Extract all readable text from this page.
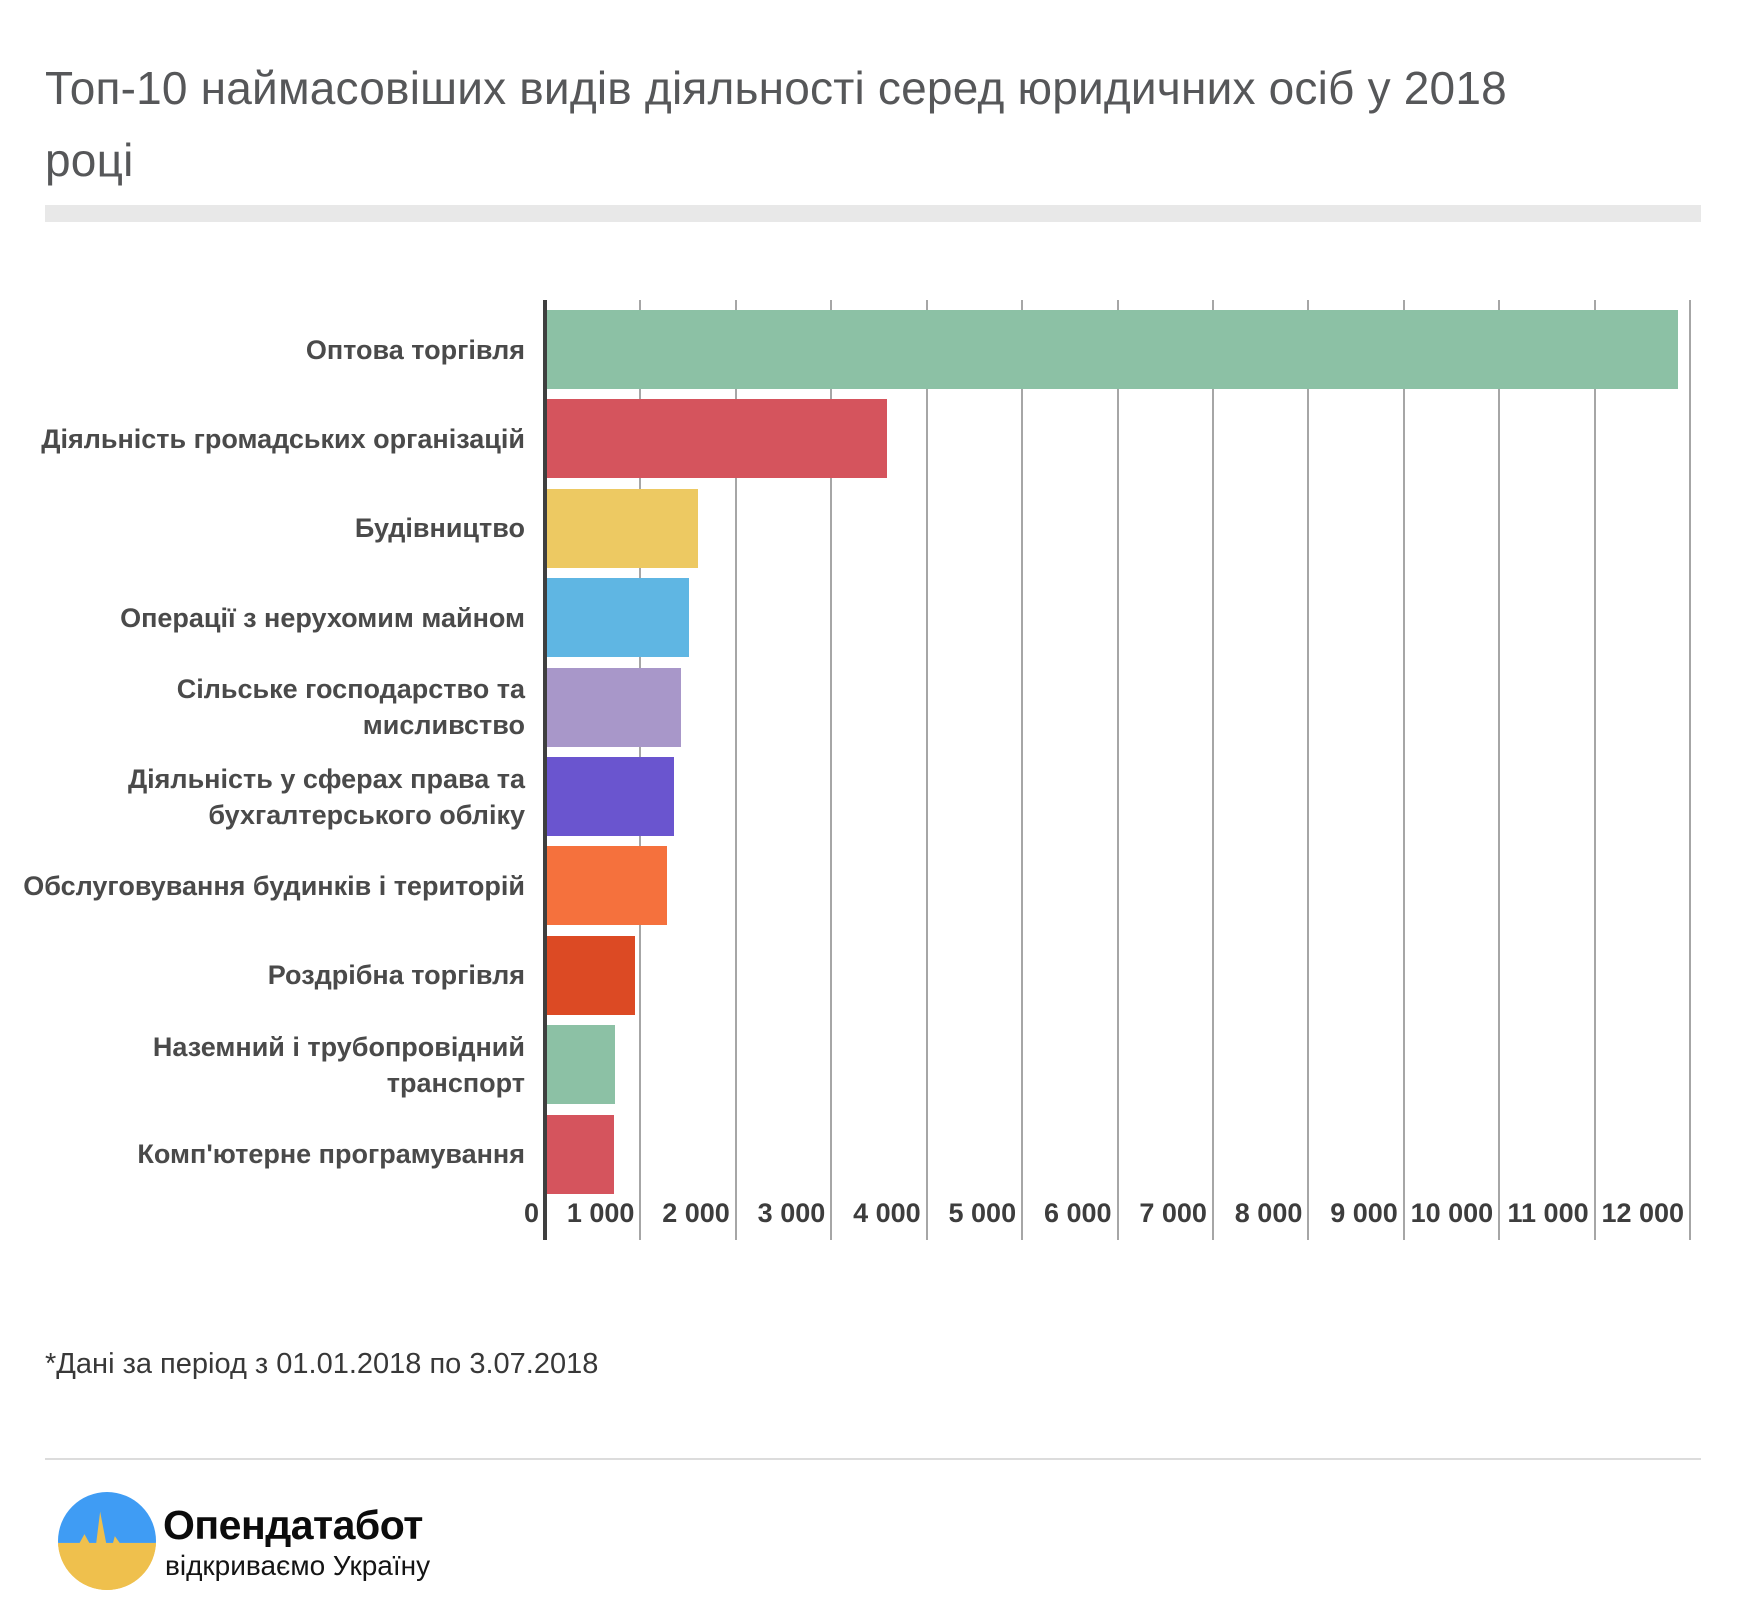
Топ-10 наймасовіших видів діяльності серед юридичних осіб у 2018 році
0	1 000	2 000	3 000	4 000	5 000	6 000	7 000	8 000	9 000 10 000 11 000 12 000
Оптова торгівля
Діяльність громадських організацій
Будівництво
Операції з нерухомим майном
Сільське господарство та мисливство
Діяльність у сферах права та бухгалтерського обліку
Обслуговування будинків і територій
Роздрібна торгівля
Наземний і трубопровідний транспорт
Комп'ютерне програмування
*Дані за період з 01.01.2018 по 3.07.2018
Опендатабот
відкриваємо Україну
